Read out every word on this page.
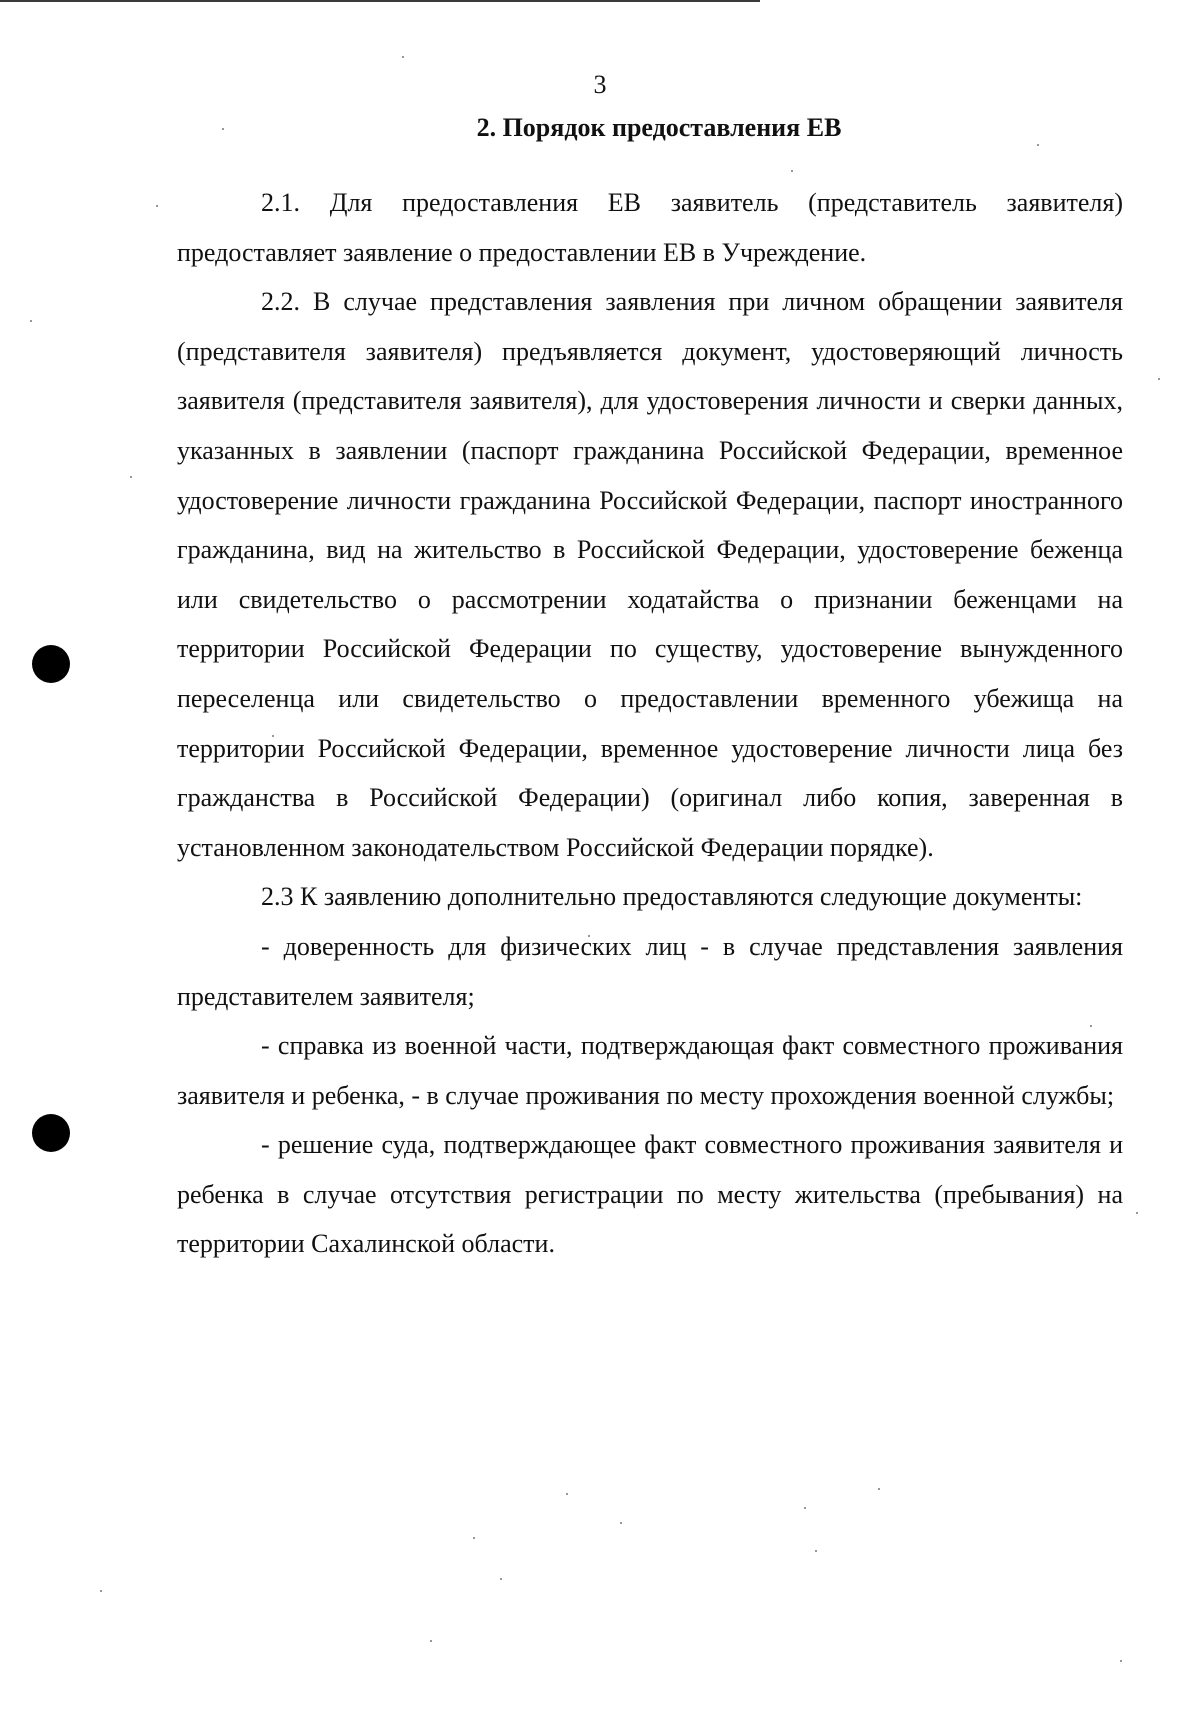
3
2. Порядок предоставления ЕВ

2.1. Для предоставления ЕВ заявитель (представитель заявителя) предоставляет заявление о предоставлении ЕВ в Учреждение.

2.2. В случае представления заявления при личном обращении заявителя (представителя заявителя) предъявляется документ, удостоверяющий личность заявителя (представителя заявителя), для удостоверения личности и сверки данных, указанных в заявлении (паспорт гражданина Российской Федерации, временное удостоверение личности гражданина Российской Федерации, паспорт иностранного гражданина, вид на жительство в Российской Федерации, удостоверение беженца или свидетельство о рассмотрении ходатайства о признании беженцами на территории Российской Федерации по существу, удостоверение вынужденного переселенца или свидетельство о предоставлении временного убежища на территории Российской Федерации, временное удостоверение личности лица без гражданства в Российской Федерации) (оригинал либо копия, заверенная в установленном законодательством Российской Федерации порядке).

2.3 К заявлению дополнительно предоставляются следующие документы:

- доверенность для физических лиц - в случае представления заявления представителем заявителя;

- справка из военной части, подтверждающая факт совместного проживания заявителя и ребенка, - в случае проживания по месту прохождения военной службы;

- решение суда, подтверждающее факт совместного проживания заявителя и ребенка в случае отсутствия регистрации по месту жительства (пребывания) на территории Сахалинской области.
